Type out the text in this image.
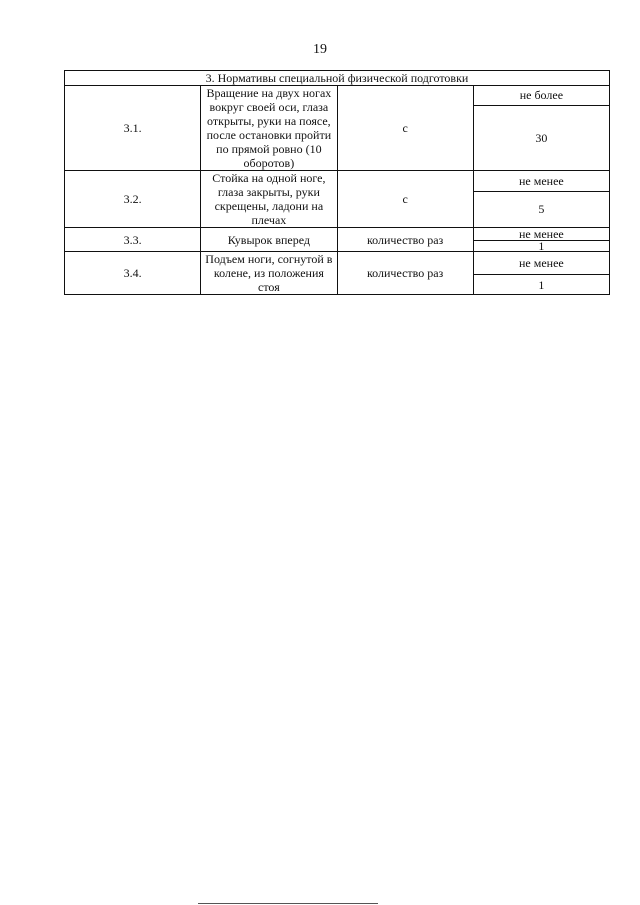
19
3. Нормативы специальной физической подготовки			
3.1.	Вращение на двух ногах вокруг своей оси, глаза открыты, руки на поясе, после остановки пройти по прямой ровно (10 оборотов)	с	не более
			30
3.2.	Стойка на одной ноге, глаза закрыты, руки скрещены, ладони на плечах	с	не менее
			5
3.3.	Кувырок вперед	количество раз	не менее
			1
3.4.	Подъем ноги, согнутой в колене, из положения стоя	количество раз	не менее
			1
